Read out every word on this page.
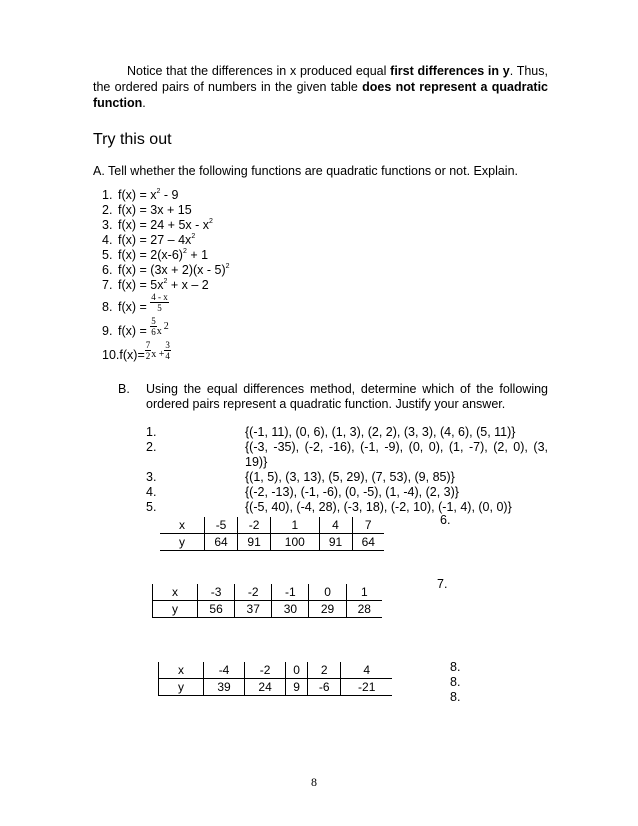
Notice that the differences in x produced equal first differences in y. Thus, the ordered pairs of numbers in the given table does not represent a quadratic function.
Try this out
A. Tell whether the following functions are quadratic functions or not. Explain.
1. $f(x) = x^2 - 9$
2. f(x) = 3x + 15
3. $f(x) = 24 + 5x - x^2$
4. $f(x) = 27 - 4x^2$
5. $f(x) = 2(x-6)^2 + 1$
6. f(x) = (3x + 2)(x - 5)$^2$
7. $f(x) = 5x^2 + x - 2$
8. $f(x) = \frac{4 - x}{5}$
9. $f(x) = \frac{5}{6} _x$ 2
$10.f(x)= \frac{7}{2} _{x +} \frac{3}{4}$
B. Using the equal differences method, determine which of the following ordered pairs represent a quadratic function. Justify your answer.
1.	{(-1, 11), (0, 6), (1, 3), (2, 2), (3, 3), (4, 6), (5, 11)}
2.	{(-3, -35), (-2, -16), (-1, -9), (0, 0), (1, -7), (2, 0), (3, 19)}
3.	{(1, 5), (3, 13), (5, 29), (7, 53), (9, 85)}
4.	{(-2, -13), (-1, -6), (0, -5), (1, -4), (2, 3)}
5.	{(-5, 40), (-4, 28), (-3, 18), (-2, 10), (-1, 4), (0, 0)}
6.
x	-5	-2	1	4	7
y	64	91	100	91	64
7.
x	-3	-2	-1	0	1
y	56	37	30	29	28
8.
8.
8.
x	-4	-2	0	2	4
y	39	24	9	-6	-21
8
